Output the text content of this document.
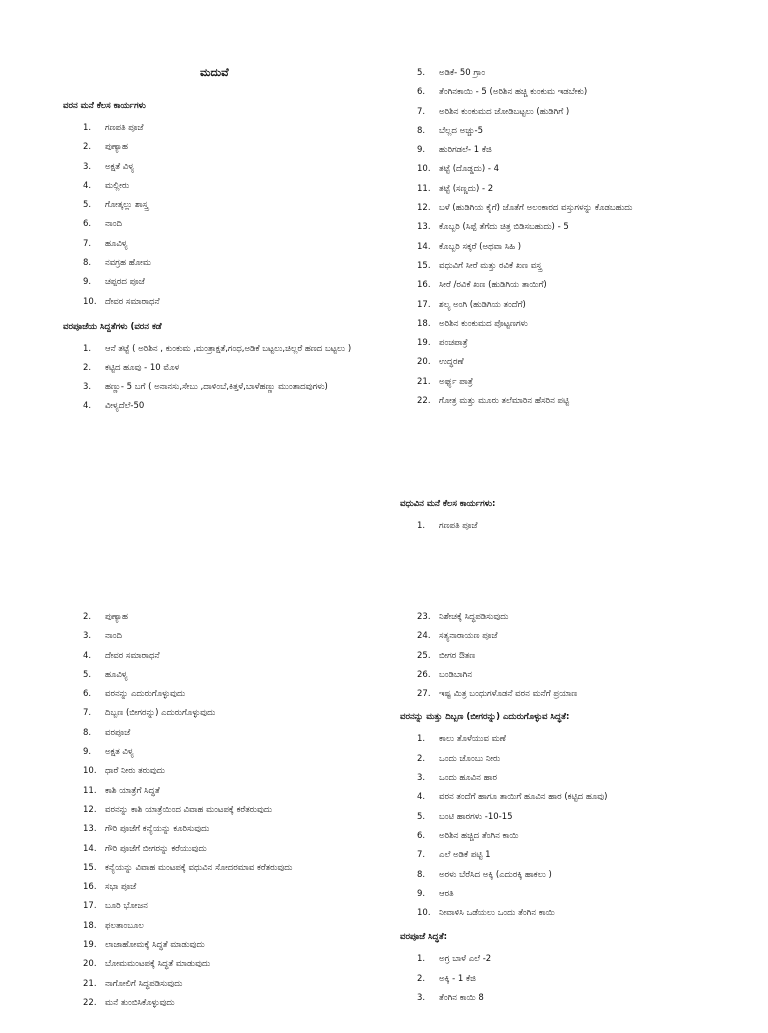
ಮದುವೆ
ವರನ ಮನೆ ಕೆಲಸ ಕಾರ್ಯಗಳು
1. ಗಣಪತಿ ಪೂಜೆ
2. ಪುಣ್ಯಾಹ
3. ಅಕ್ಷತೆ ವಿಳ್ಯ
4. ಮಲ್ಲೀರು
5. ಗೋತ್ಕಲ್ಲು ಶಾಸ್ತ್ರ
6. ನಾಂದಿ
7. ಹೂವಿಳ್ಯ
8. ನವಗ್ರಹ ಹೋಮ
9. ಚಪ್ಪರದ ಪೂಜೆ
10. ದೇವರ ಸಮಾರಾಧನೆ
ವರಪೂಜೆಯ ಸಿದ್ದತೆಗಳು (ವರನ ಕಡೆ
1.	ಆನೆ ತಟ್ಟೆ ( ಅರಿಶಿನ , ಕುಂಕುಮ ,ಮಂತ್ರಾಕ್ಷತೆ,ಗಂಧ,ಅಡಿಕೆ ಬಟ್ಟಲು,ಚಿಲ್ಲರೆ ಹಣದ ಬಟ್ಟಲು )
2. ಕಟ್ಟಿದ ಹೂವು - 10 ಮೊಳ
3.	ಹಣ್ಣು- 5 ಬಗೆ ( ಅನಾನಸು,ಸೇಬು ,ದಾಳಿಂಬೆ,ಕಿತ್ತಳೆ,ಬಾಳೆಹಣ್ಣು ಮುಂತಾದವುಗಳು)
4. ವೀಳ್ಯದೆಲೆ-50
5. ಅಡಿಕೆ- 50 ಗ್ರಾಂ
6. ತೆಂಗಿನಕಾಯಿ - 5 (ಅರಿಶಿನ ಹಚ್ಚಿ ಕುಂಕುಮ ಇಡಬೇಕು)
7. ಅರಿಶಿನ ಕುಂಕುಮದ ಜೋಡಿಬಟ್ಟಲು (ಹುಡಿಗಿಗೆ )
8. ಬೆಲ್ಲದ ಅಚ್ಚು-5
9. ಹುರಿಗಡಲೆ- 1 ಕೆಜಿ
10. ತಟ್ಟೆ (ದೊಡ್ಡದು) - 4
11. ತಟ್ಟೆ (ಸಣ್ಣದು) - 2
12. ಬಳೆ (ಹುಡಿಗಿಯ ಕೈಗೆ) ಜೊತೆಗೆ ಅಲಂಕಾರದ ವಸ್ತುಗಳನ್ನು ಕೊಡಬಹುದು
13. ಕೊಬ್ಬರಿ (ಸಿಪ್ಪೆ ತೆಗೆದು ಚಿತ್ರ ಬಿಡಿಸಬಹುದು) - 5
14. ಕೊಬ್ಬರಿ ಸಕ್ಕರೆ (ಅಥವಾ ಸಿಹಿ )
15. ವಧುವಿಗೆ ಸೀರೆ ಮತ್ತು ರವಿಕೆ ಖಣ ವಸ್ತ್ರ
16. ಸೀರೆ /ರವಿಕೆ ಖಣ (ಹುಡಿಗಿಯ ತಾಯಿಗೆ)
17. ಶಲ್ಯ ಅಂಗಿ (ಹುಡಿಗಿಯ ತಂದೆಗೆ)
18. ಅರಿಶಿನ ಕುಂಕುಮದ ಪೊಟ್ಟಣಗಳು
19. ಪಂಚಪಾತ್ರೆ
20. ಉದ್ಧರಣೆ
21. ಅರ್ಘ್ಯ ಪಾತ್ರೆ
22. ಗೋತ್ರ ಮತ್ತು ಮೂರು ತಲೆಮಾರಿನ ಹೆಸರಿನ ಪಟ್ಟಿ
ವಧುವಿನ ಮನೆ ಕೆಲಸ ಕಾರ್ಯಗಳು:
1. ಗಣಪತಿ ಪೂಜೆ
2. ಪುಣ್ಯಾಹ
3. ನಾಂದಿ
4. ದೇವರ ಸಮಾರಾಧನೆ
5. ಹೂವಿಳ್ಯ
6. ವರನನ್ನು ಎದುರುಗೊಳ್ಳುವುದು
7. ದಿಬ್ಬಣ (ಬೀಗರನ್ನು) ಎದುರುಗೊಳ್ಳುವುದು
8. ವರಪೂಜೆ
9. ಅಕ್ಷತ ವಿಳ್ಯ
10. ಧಾರೆ ನೀರು ತರುವುದು
11. ಕಾಶಿ ಯಾತ್ರೆಗೆ ಸಿದ್ಧತೆ
12. ವರನನ್ನು ಕಾಶಿ ಯಾತ್ರೆಯಿಂದ ವಿವಾಹ ಮಂಟಪಕ್ಕೆ ಕರೆತರುವುದು
13. ಗೌರಿ ಪೂಜೆಗೆ ಕನ್ಯೆಯನ್ನು ಕೂರಿಸುವುದು
14. ಗೌರಿ ಪೂಜೆಗೆ ಬೀಗರನ್ನು ಕರೆಯುವುದು
15. ಕನ್ಯೆಯನ್ನು ವಿವಾಹ ಮಂಟಪಕ್ಕೆ ವಧುವಿನ ಸೋದರಮಾವ ಕರೆತರುವುದು
16. ಸಭಾ ಪೂಜೆ
17. ಬೂರಿ ಭೋಜನ
18. ಫಲತಾಂಬೂಲ
19. ಲಾಜಾಹೋಮಕ್ಕೆ ಸಿದ್ಧತೆ ಮಾಡುವುದು
20. ಬೋಮಮಂಟಪಕ್ಕೆ ಸಿದ್ಧತೆ ಮಾಡುವುದು
21. ನಾಗೋಲಿಗೆ ಸಿದ್ಧಪಡಿಸುವುದು
22. ಮನೆ ತುಂಬಿಸಿಕೊಳ್ಳುವುದು
23. ನಿಶೇಚಕ್ಕೆ ಸಿದ್ಧಪಡಿಸುವುದು
24. ಸತ್ಯನಾರಾಯಣ ಪೂಜೆ
25. ಬೀಗರ ಔತಣ
26. ಬಂಡಿಬಾಗಿನ
27. ಇಷ್ಟ ಮಿತ್ರ ಬಂಧುಗಳೊಡನೆ ವರನ ಮನೆಗೆ ಪ್ರಯಾಣ
ವರನನ್ನು ಮತ್ತು ದಿಬ್ಬಣ (ಬೀಗರನ್ನು) ಎದುರುಗೊಳ್ಳುವ ಸಿದ್ಧತೆ:
1. ಕಾಲು ತೊಳೆಯುವ ಮಣೆ
2. ಒಂದು ಚೊಂಬು ನೀರು
3. ಒಂದು ಹೂವಿನ ಹಾರ
4. ವರನ ತಂದೆಗೆ ಹಾಗೂ ತಾಯಿಗೆ ಹೂವಿನ ಹಾರ (ಕಟ್ಟಿದ ಹೂವು)
5. ಬಂಟಿ ಹಾರಗಳು -10-15
6. ಅರಿಶಿನ ಹಚ್ಚಿದ ತೆಂಗಿನ ಕಾಯಿ
7. ಎಲೆ ಅಡಿಕೆ ಪಟ್ಟಿ 1
8. ಅರಳು ಬೆರೆಸಿದ ಅಕ್ಕಿ (ಎದುರಕ್ಕಿ ಹಾಕಲು )
9. ಆರತಿ
10. ನೀವಾಳಿಸಿ ಒಡೆಯಲು ಒಂದು ತೆಂಗಿನ ಕಾಯಿ
ವರಪೂಜೆ ಸಿದ್ಧತೆ:
1. ಅಗ್ರ ಬಾಳೆ ಎಲೆ -2
2. ಅಕ್ಕಿ - 1 ಕೆಜಿ
3. ತೆಂಗಿನ ಕಾಯಿ 8
